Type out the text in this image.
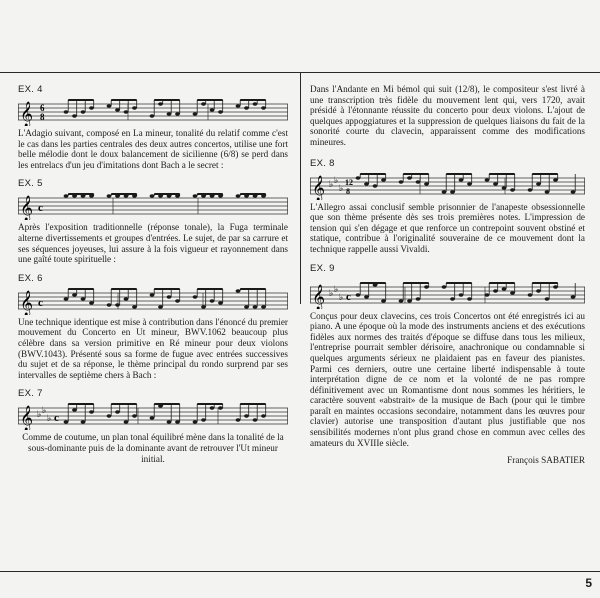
EX. 4

𝄞 6
8

L'Adagio suivant, composé en La mineur, tonalité du relatif comme c'est le cas dans les parties centrales des deux autres concertos, utilise une fort belle mélodie dont le doux balancement de sicilienne (6/8) se perd dans les entrelacs d'un jeu d'imitations dont Bach a le secret :

EX. 5

𝄞 c

Après l'exposition traditionnelle (réponse tonale), la Fuga terminale alterne divertissements et groupes d'entrées. Le sujet, de par sa carrure et ses séquences joyeuses, lui assure à la fois vigueur et rayonnement dans une gaîté toute spirituelle :

EX. 6

𝄞 c

Une technique identique est mise à contribution dans l'énoncé du premier mouvement du Concerto en Ut mineur, BWV.1062 beaucoup plus célèbre dans sa version primitive en Ré mineur pour deux violons (BWV.1043). Présenté sous sa forme de fugue avec entrées successives du sujet et de sa réponse, le thème principal du rondo surprend par ses intervalles de septième chers à Bach :

EX. 7

𝄞 ♭ ♭
♭ c

Comme de coutume, un plan tonal équilibré mène dans la tonalité de la sous-dominante puis de la dominante avant de retrouver l'Ut mineur initial.

Dans l'Andante en Mi bémol qui suit (12/8), le compositeur s'est livré à une transcription très fidèle du mouvement lent qui, vers 1720, avait présidé à l'étonnante réussite du concerto pour deux violons. L'ajout de quelques appoggiatures et la suppression de quelques liaisons du fait de la sonorité courte du clavecin, apparaissent comme des modifications mineures.

EX. 8

𝄞 ♭ ♭
♭
12
8

L'Allegro assai conclusif semble prisonnier de l'anapeste obsessionnelle que son thème présente dès ses trois premières notes. L'impression de tension qui s'en dégage et que renforce un contrepoint souvent obstiné et statique, contribue à l'originalité souveraine de ce mouvement dont la technique rappelle aussi Vivaldi.

EX. 9

𝄞 ♭ ♭
♭ c

Conçus pour deux clavecins, ces trois Concertos ont été enregistrés ici au piano. A une époque où la mode des instruments anciens et des exécutions fidèles aux normes des traités d'époque se diffuse dans tous les milieux, l'entreprise pourrait sembler dérisoire, anachronique ou condamnable si quelques arguments sérieux ne plaidaient pas en faveur des pianistes. Parmi ces derniers, outre une certaine liberté indispensable à toute interprétation digne de ce nom et la volonté de ne pas rompre définitivement avec un Romantisme dont nous sommes les héritiers, le caractère souvent «abstrait» de la musique de Bach (pour qui le timbre paraît en maintes occasions secondaire, notamment dans les œuvres pour clavier) autorise une transposition d'autant plus justifiable que nos sensibilités modernes n'ont plus grand chose en commun avec celles des amateurs du XVIIIe siècle.

François SABATIER

5
